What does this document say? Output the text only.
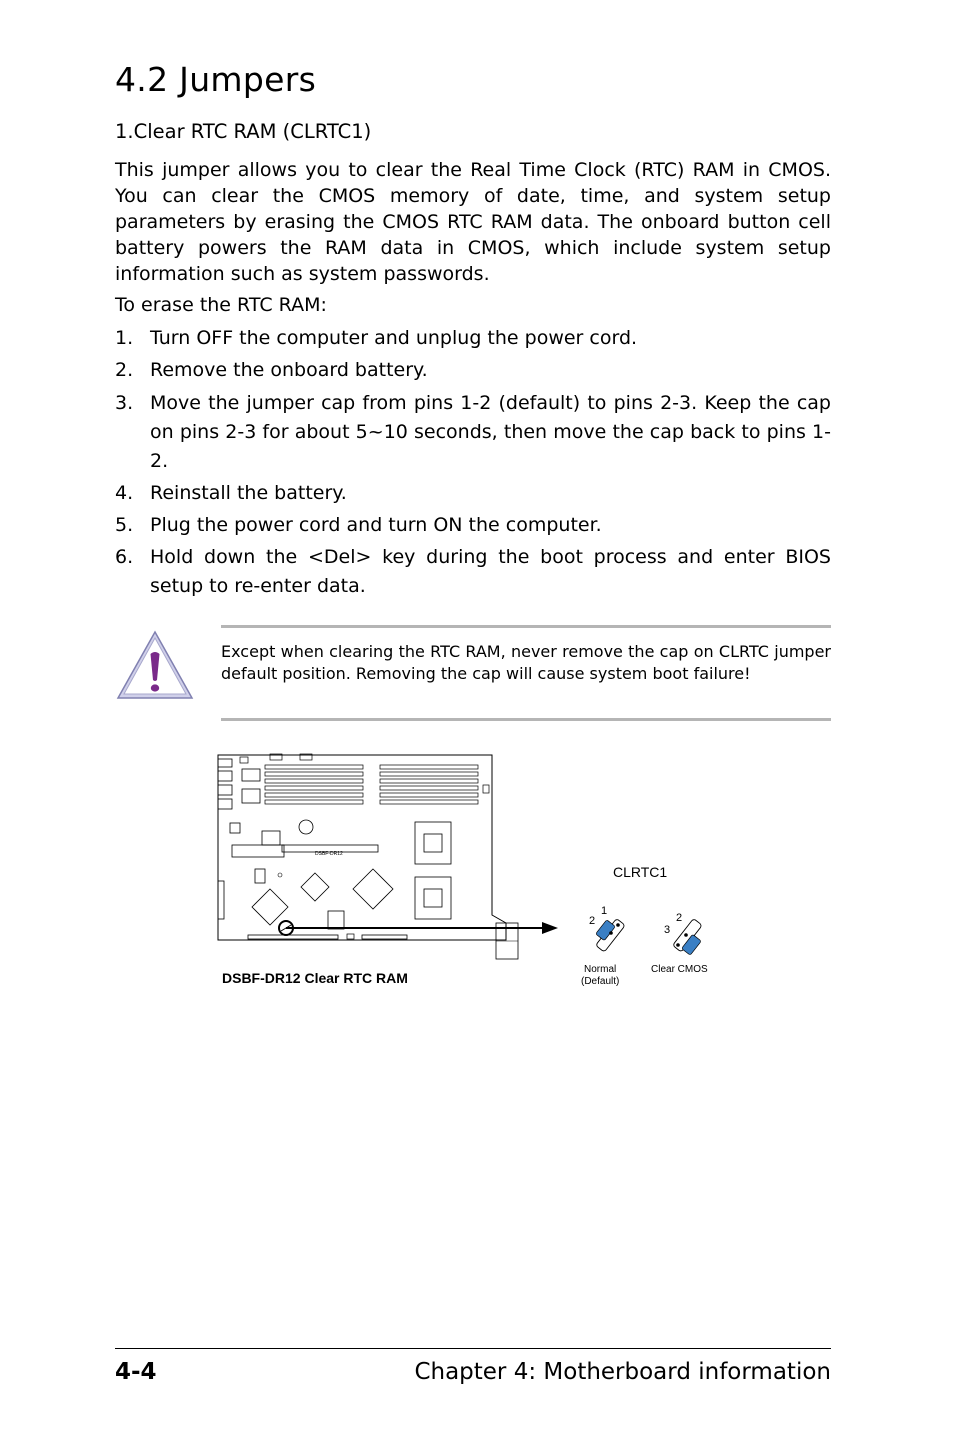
4.2 Jumpers
1.Clear RTC RAM (CLRTC1)

This jumper allows you to clear the Real Time Clock (RTC) RAM in CMOS. You can clear the CMOS memory of date, time, and system setup parameters by erasing the CMOS RTC RAM data. The onboard button cell battery powers the RAM data in CMOS, which include system setup information such as system passwords.

To erase the RTC RAM:

1. Turn OFF the computer and unplug the power cord.
2. Remove the onboard battery.
3. Move the jumper cap from pins 1-2 (default) to pins 2-3. Keep the cap on pins 2-3 for about 5~10 seconds, then move the cap back to pins 1-2.
4. Reinstall the battery.
5. Plug the power cord and turn ON the computer.
6. Hold down the <Del> key during the boot process and enter BIOS setup to re-enter data.
Except when clearing the RTC RAM, never remove the cap on CLRTC jumper default position. Removing the cap will cause system boot failure!
DSBF-DR12
CLRTC1
1
2
Normal
(Default)
2
3
Clear CMOS
DSBF-DR12 Clear RTC RAM
4-4	Chapter 4: Motherboard information
